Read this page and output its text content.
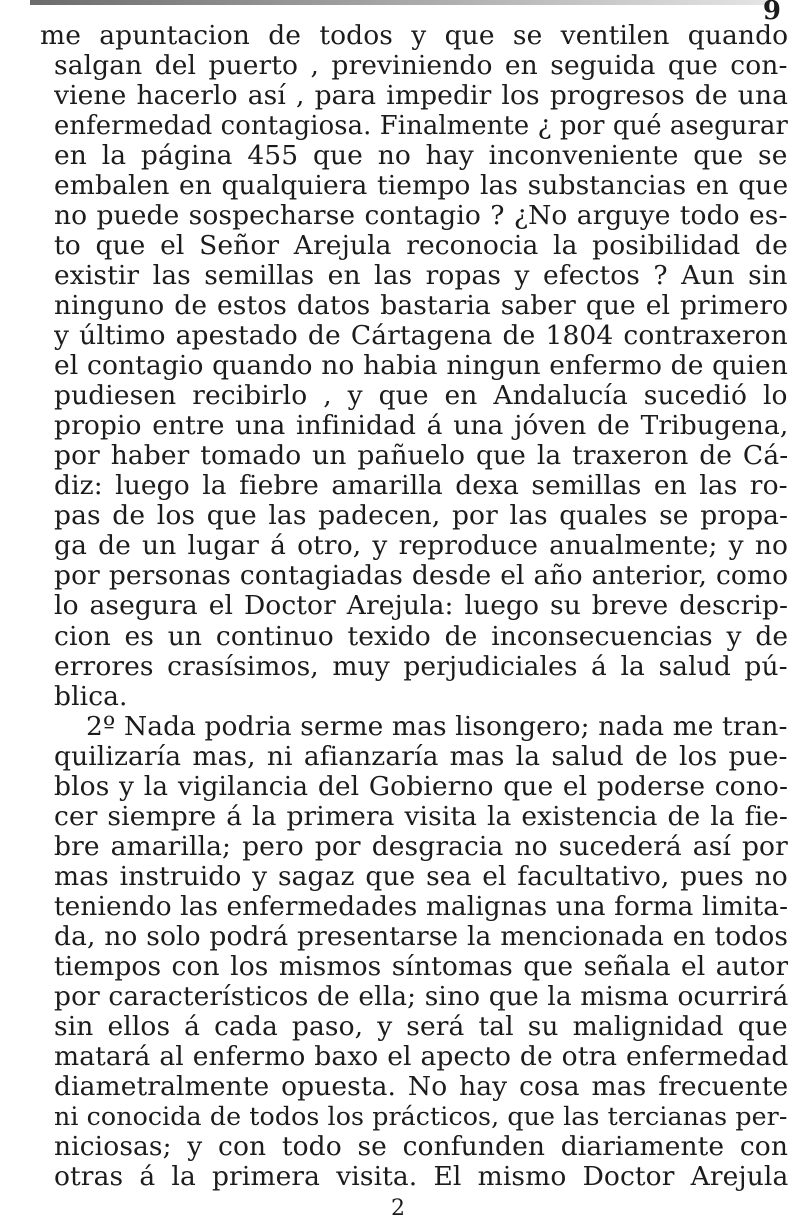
9
me apuntacion de todos y que se ventilen quando
salgan del puerto , previniendo en seguida que con-
viene hacerlo así , para impedir los progresos de una
enfermedad contagiosa. Finalmente ¿ por qué asegurar
en la página 455 que no hay inconveniente que se
embalen en qualquiera tiempo las substancias en que
no puede sospecharse contagio ? ¿No arguye todo es-
to que el Señor Arejula reconocia la posibilidad de
existir las semillas en las ropas y efectos ? Aun sin
ninguno de estos datos bastaria saber que el primero
y último apestado de Cártagena de 1804 contraxeron
el contagio quando no habia ningun enfermo de quien
pudiesen recibirlo , y que en Andalucía sucedió lo
propio entre una infinidad á una jóven de Tribugena,
por haber tomado un pañuelo que la traxeron de Cá-
diz: luego la fiebre amarilla dexa semillas en las ro-
pas de los que las padecen, por las quales se propa-
ga de un lugar á otro, y reproduce anualmente; y no
por personas contagiadas desde el año anterior, como
lo asegura el Doctor Arejula: luego su breve descrip-
cion es un continuo texido de inconsecuencias y de
errores crasísimos, muy perjudiciales á la salud pú-
blica.
2º Nada podria serme mas lisongero; nada me tran-
quilizaría mas, ni afianzaría mas la salud de los pue-
blos y la vigilancia del Gobierno que el poderse cono-
cer siempre á la primera visita la existencia de la fie-
bre amarilla; pero por desgracia no sucederá así por
mas instruido y sagaz que sea el facultativo, pues no
teniendo las enfermedades malignas una forma limita-
da, no solo podrá presentarse la mencionada en todos
tiempos con los mismos síntomas que señala el autor
por característicos de ella; sino que la misma ocurrirá
sin ellos á cada paso, y será tal su malignidad que
matará al enfermo baxo el apecto de otra enfermedad
diametralmente opuesta. No hay cosa mas frecuente
ni conocida de todos los prácticos, que las tercianas per-
niciosas; y con todo se confunden diariamente con
otras á la primera visita. El mismo Doctor Arejula
2
